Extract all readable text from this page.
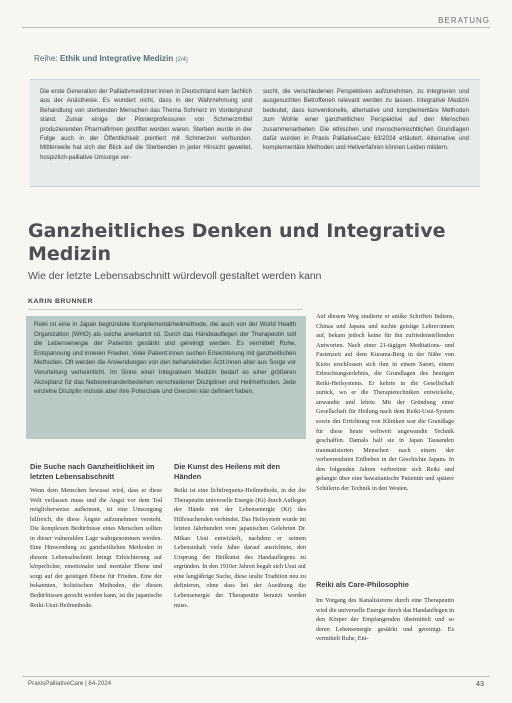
BERATUNG
Reihe: Ethik und Integrative Medizin (2/4)

Die erste Generation der Palliativmediziner:innen in Deutschland kam fachlich aus der Anästhesie. Es wundert nicht, dass in der Wahrnehmung und Behandlung von sterbenden Menschen das Thema Schmerz im Vordergrund stand. Zumal einige der Pionierprofessuren von Schmerzmittel produzierenden Pharmafirmen gestiftet worden waren. Sterben wurde in der Folge auch in der Öffentlichkeit pointiert mit Schmerzen verbunden. Mittlerweile hat sich der Blick auf die Sterbenden in jeder Hinsicht geweitet, hospizlich-palliative Umsorge ver-

sucht, die verschiedenen Perspektiven aufzunehmen, zu integrieren und ausgesuchten Betroffenen relevant werden zu lassen. Integrative Medizin bedeutet, dass konventionelle, alternative und komplementäre Methoden zum Wohle einer ganzheitlichen Perspektive auf den Menschen zusammenarbeiten. Die ethischen und menschenrechtlichen Grundlagen dafür wurden in Praxis PalliativeCare 63/2024 erläutert. Alternative und komplementäre Methoden und Heilverfahren können Leiden mildern.

Ganzheitliches Denken und Integrative Medizin

Wie der letzte Lebensabschnitt würdevoll gestaltet werden kann

KARIN BRUNNER

Reiki ist eine in Japan begründete Komplementärheilmethode, die auch von der World Health Organization (WHO) als solche anerkannt ist. Durch das Händeauflegen der Therapeutin soll die Lebensenergie der Patientin gestärkt und gereinigt werden. Es vermittelt Ruhe, Entspannung und inneren Frieden. Viele Patient:innen suchen Erleichterung mit ganzheitlichen Methoden. Oft werden die Anwendungen von den behandelnden Ärzt:innen aber aus Sorge vor Verurteilung verheimlicht. Im Sinne einer Integrativen Medizin bedarf es einer größeren Akzeptanz für das Nebeneinanderbestehen verschiedener Disziplinen und Heilmethoden. Jede einzelne Disziplin müsste aber ihre Potenziale und Grenzen klar definiert haben.

Die Suche nach Ganzheitlichkeit im letzten Lebensabschnitt

Wenn dem Menschen bewusst wird, dass er diese Welt verlassen muss und die Angst vor dem Tod möglicherweise aufkommt, ist eine Umsorgung hilfreich, die diese Ängste aufzunehmen versteht. Die komplexen Bedürfnisse eines Menschen sollten in dieser vulnerablen Lage wahrgenommen werden. Eine Hinwendung zu ganzheitlichen Methoden in diesem Lebensabschnitt bringt Erleichterung auf körperlicher, emotionaler und mentaler Ebene und sorgt auf der geistigen Ebene für Frieden. Eine der bekannten, holistischen Methoden, die diesen Bedürfnissen gerecht werden kann, ist die japanische Reiki-Usui-Heilmethode.

Die Kunst des Heilens mit den Händen

Reiki ist eine lichtfrequenz-Heilmethode, in der die Therapeutin universelle Energie (Ki) durch Auflegen der Hände mit der Lebensenergie (Ki) des Hilfesuchenden verbindet. Das Heilsystem wurde im letzten Jahrhundert vom japanischen Gelehrten Dr. Mikao Usui entwickelt, nachdem er seinem Lebensinhalt viele Jahre darauf ausrichtete, den Ursprung der Heilkunst des Handauflegens zu ergründen. In den 1910er Jahren begab sich Usui auf eine langjährige Suche, diese uralte Tradition neu zu definieren, ohne dass bei der Ausübung die Lebensenergie der Therapeutin benutzt werden muss.

Auf diesem Weg studierte er antike Schriften Indiens, Chinas und Japans und suchte geistige Lehrer:innen auf, bekam jedoch keine für ihn zufriedenstellenden Antworten. Nach einer 21-tägigen Meditations- und Fastenzeit auf dem Kurama-Berg in der Nähe von Kioto erschlossen sich ihm in einem Satori, einem Erleuchtungserlebnis, die Grundlagen des heutigen Reiki-Heilsystems. Er kehrte in die Gesellschaft zurück, wo er die Therapietechniken entwickelte, anwandte und lehrte. Mit der Gründung einer Gesellschaft für Heilung nach dem Reiki-Usui-System sowie der Errichtung von Kliniken war die Grundlage für diese heute weltweit angewandte Technik geschaffen. Damals half sie in Japan Tausenden traumatisierten Menschen nach einem der verheerendsten Erdbeben in der Geschichte Japans. In den folgenden Jahren verbreitete sich Reiki und gelangte über eine hawaiianische Patientin und spätere Schülerin der Technik in den Westen.

Reiki als Care-Philosophie

Im Vorgang des Kanalisierens durch eine Therapeutin wird die universelle Energie durch das Handauflegen in den Körper der Empfangenden übermittelt und so deren Lebensenergie gestärkt und gereinigt. Es vermittelt Ruhe, Ent-

PraxisPalliativeCare | 64-2024	43
